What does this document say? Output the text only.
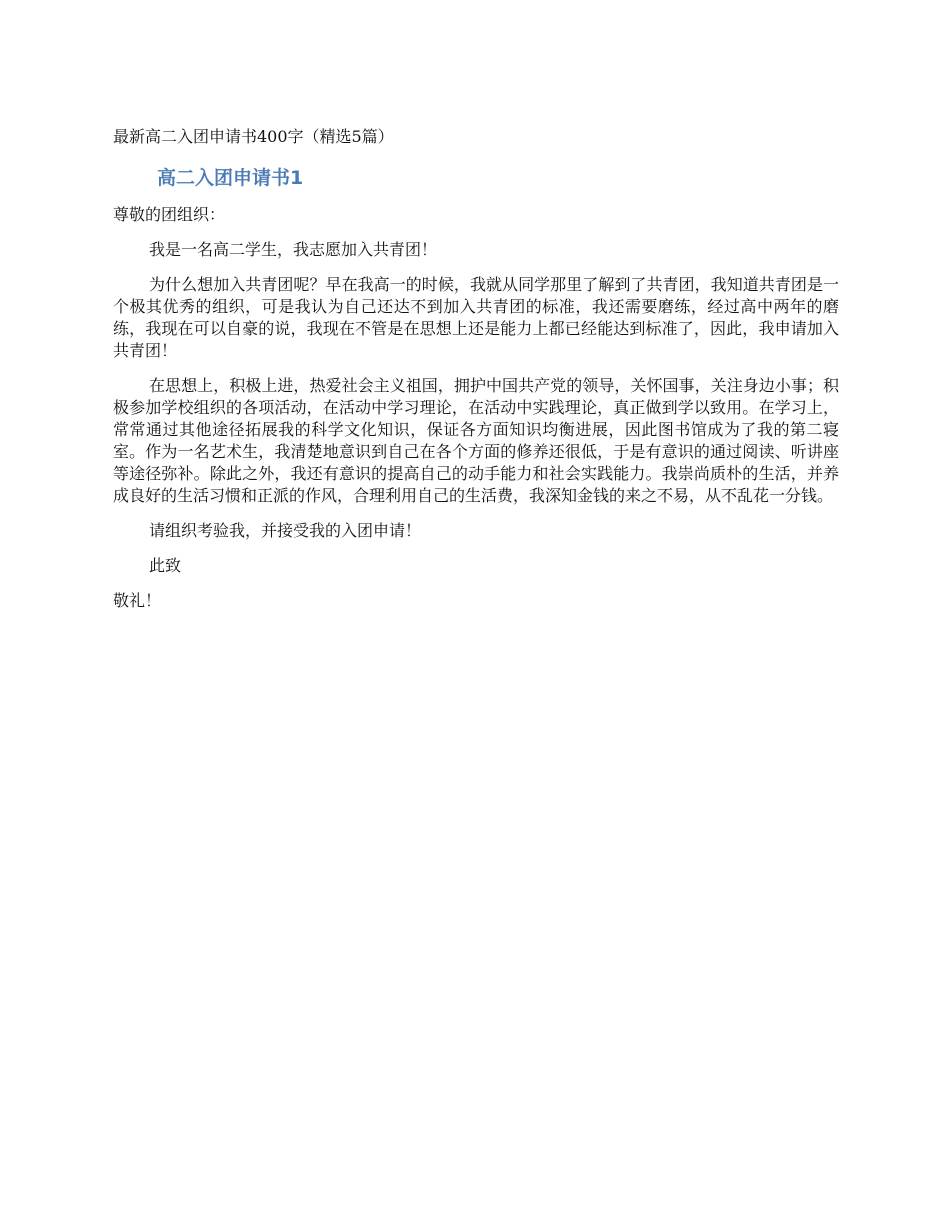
最新高二入团申请书400字（精选5篇）
高二入团申请书1

尊敬的团组织：

我是一名高二学生，我志愿加入共青团！

为什么想加入共青团呢？早在我高一的时候，我就从同学那里了解到了共青团，我知道共青团是一个极其优秀的组织，可是我认为自己还达不到加入共青团的标准，我还需要磨练，经过高中两年的磨练，我现在可以自豪的说，我现在不管是在思想上还是能力上都已经能达到标准了，因此，我申请加入共青团！

在思想上，积极上进，热爱社会主义祖国，拥护中国共产党的领导，关怀国事，关注身边小事；积极参加学校组织的各项活动，在活动中学习理论，在活动中实践理论，真正做到学以致用。在学习上，常常通过其他途径拓展我的科学文化知识，保证各方面知识均衡进展，因此图书馆成为了我的第二寝室。作为一名艺术生，我清楚地意识到自己在各个方面的修养还很低，于是有意识的通过阅读、听讲座等途径弥补。除此之外，我还有意识的提高自己的动手能力和社会实践能力。我崇尚质朴的生活，并养成良好的生活习惯和正派的作风，合理利用自己的生活费，我深知金钱的来之不易，从不乱花一分钱。

请组织考验我，并接受我的入团申请！

此致

敬礼！
